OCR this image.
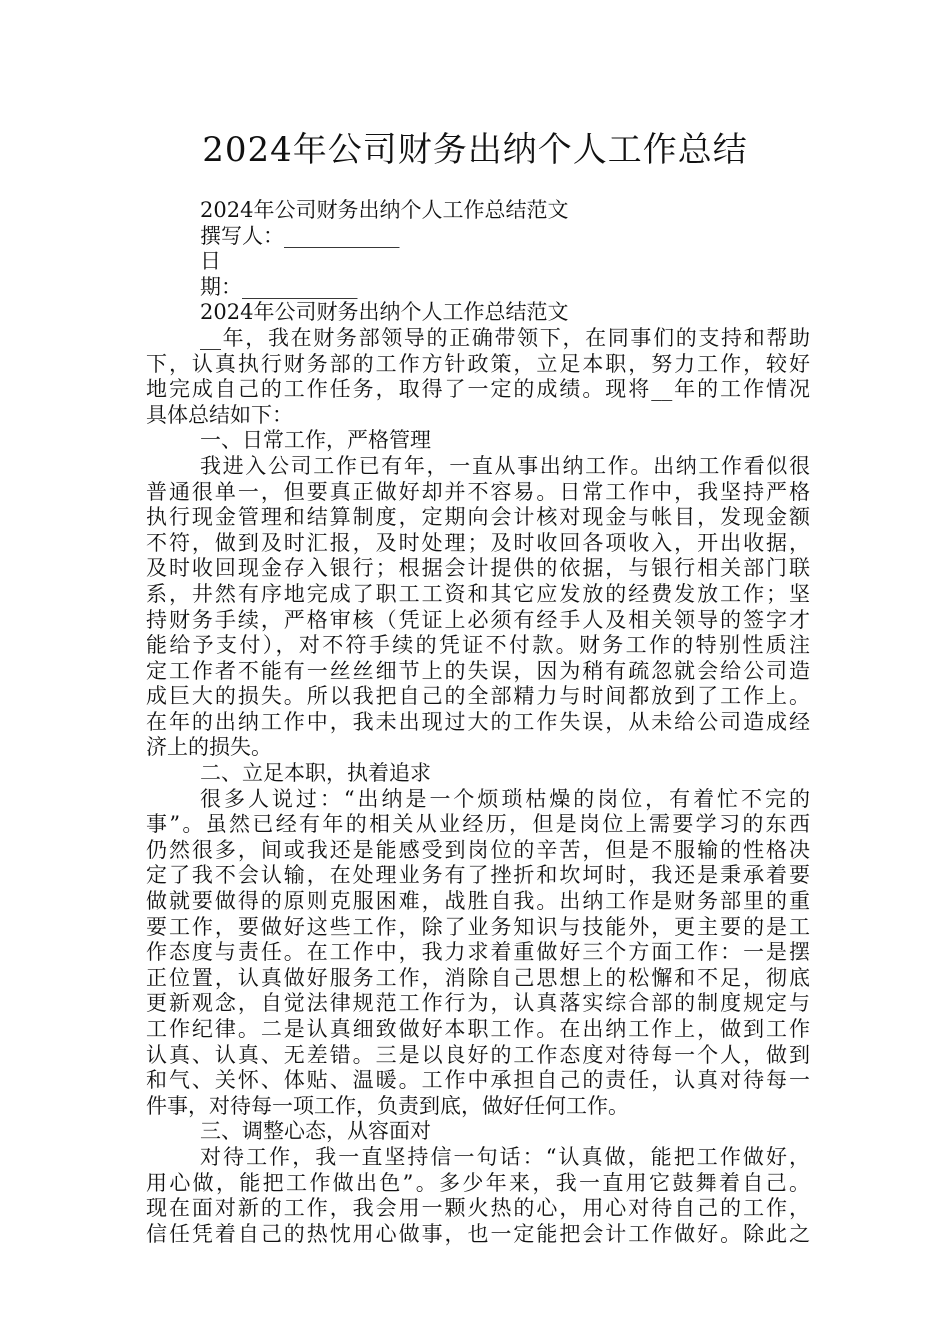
2024年公司财务出纳个人工作总结
2024年公司财务出纳个人工作总结范文
撰写人：___________
日
期：___________
2024年公司财务出纳个人工作总结范文
__年，我在财务部领导的正确带领下，在同事们的支持和帮助
下，认真执行财务部的工作方针政策，立足本职，努力工作，较好
地完成自己的工作任务，取得了一定的成绩。现将__年的工作情况
具体总结如下：
一、日常工作，严格管理
我进入公司工作已有年，一直从事出纳工作。出纳工作看似很
普通很单一，但要真正做好却并不容易。日常工作中，我坚持严格
执行现金管理和结算制度，定期向会计核对现金与帐目，发现金额
不符，做到及时汇报，及时处理；及时收回各项收入，开出收据，
及时收回现金存入银行；根据会计提供的依据，与银行相关部门联
系，井然有序地完成了职工工资和其它应发放的经费发放工作；坚
持财务手续，严格审核（凭证上必须有经手人及相关领导的签字才
能给予支付），对不符手续的凭证不付款。财务工作的特别性质注
定工作者不能有一丝丝细节上的失误，因为稍有疏忽就会给公司造
成巨大的损失。所以我把自己的全部精力与时间都放到了工作上。
在年的出纳工作中，我未出现过大的工作失误，从未给公司造成经
济上的损失。
二、立足本职，执着追求
很多人说过：“出纳是一个烦琐枯燥的岗位，有着忙不完的
事”。虽然已经有年的相关从业经历，但是岗位上需要学习的东西
仍然很多，间或我还是能感受到岗位的辛苦，但是不服输的性格决
定了我不会认输，在处理业务有了挫折和坎坷时，我还是秉承着要
做就要做得的原则克服困难，战胜自我。出纳工作是财务部里的重
要工作，要做好这些工作，除了业务知识与技能外，更主要的是工
作态度与责任。在工作中，我力求着重做好三个方面工作：一是摆
正位置，认真做好服务工作，消除自己思想上的松懈和不足，彻底
更新观念，自觉法律规范工作行为，认真落实综合部的制度规定与
工作纪律。二是认真细致做好本职工作。在出纳工作上，做到工作
认真、认真、无差错。三是以良好的工作态度对待每一个人，做到
和气、关怀、体贴、温暖。工作中承担自己的责任，认真对待每一
件事，对待每一项工作，负责到底，做好任何工作。
三、调整心态，从容面对
对待工作，我一直坚持信一句话：“认真做，能把工作做好，
用心做，能把工作做出色”。多少年来，我一直用它鼓舞着自己。
现在面对新的工作，我会用一颗火热的心，用心对待自己的工作，
信任凭着自己的热忱用心做事，也一定能把会计工作做好。除此之
